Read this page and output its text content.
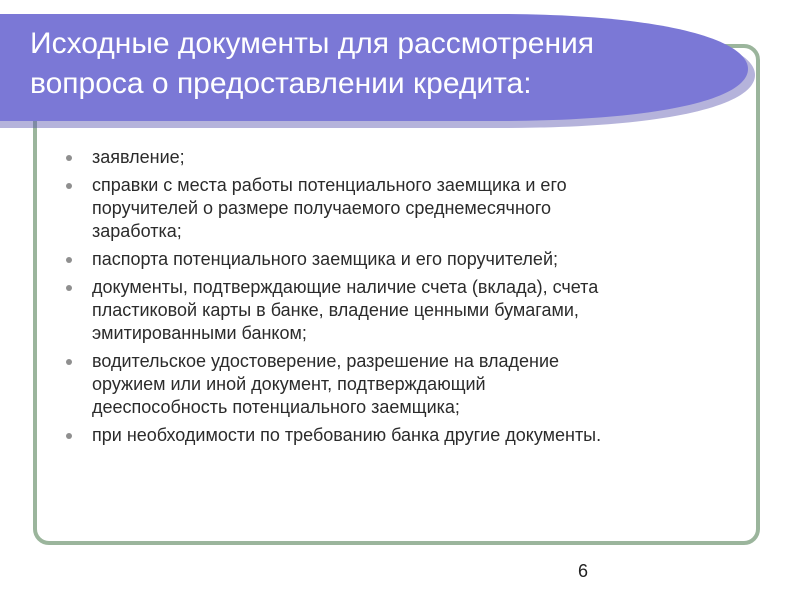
Исходные документы для рассмотрения
вопроса о предоставлении кредита:
заявление;
справки с места работы потенциального заемщика и его
поручителей о размере получаемого среднемесячного
заработка;
паспорта потенциального заемщика и его поручителей;
документы, подтверждающие наличие счета (вклада), счета
пластиковой карты в банке, владение ценными бумагами,
эмитированными банком;
водительское удостоверение, разрешение на владение
оружием или иной документ, подтверждающий
дееспособность потенциального заемщика;
при необходимости по требованию банка другие документы.
6
